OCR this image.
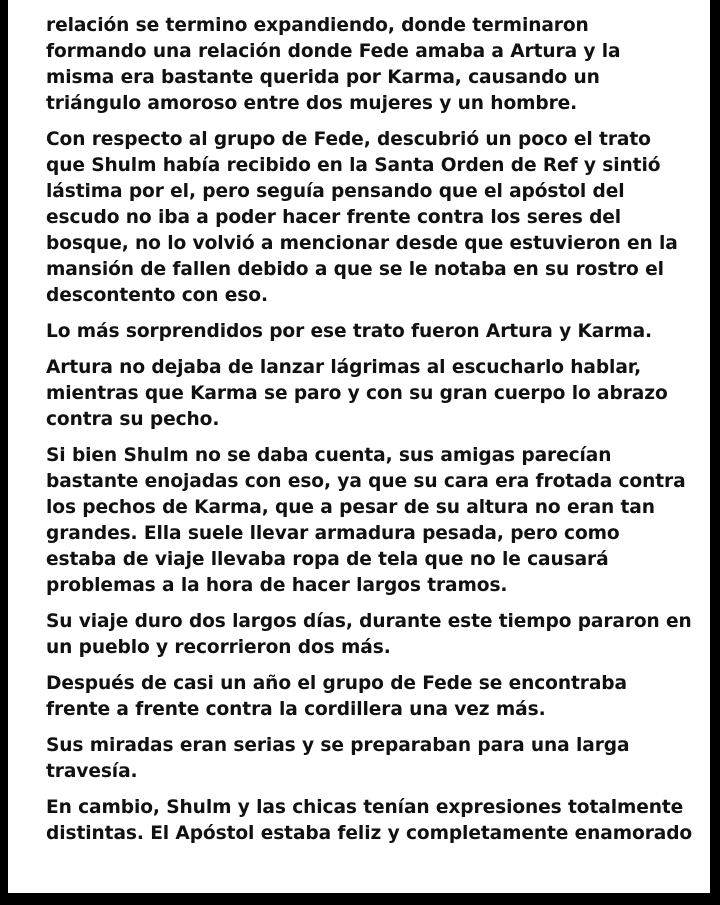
relación se termino expandiendo, donde terminaron
formando una relación donde Fede amaba a Artura y la
misma era bastante querida por Karma, causando un
triángulo amoroso entre dos mujeres y un hombre.

Con respecto al grupo de Fede, descubrió un poco el trato
que Shulm había recibido en la Santa Orden de Ref y sintió
lástima por el, pero seguía pensando que el apóstol del
escudo no iba a poder hacer frente contra los seres del
bosque, no lo volvió a mencionar desde que estuvieron en la
mansión de fallen debido a que se le notaba en su rostro el
descontento con eso.

Lo más sorprendidos por ese trato fueron Artura y Karma.

Artura no dejaba de lanzar lágrimas al escucharlo hablar,
mientras que Karma se paro y con su gran cuerpo lo abrazo
contra su pecho.

Si bien Shulm no se daba cuenta, sus amigas parecían
bastante enojadas con eso, ya que su cara era frotada contra
los pechos de Karma, que a pesar de su altura no eran tan
grandes. Ella suele llevar armadura pesada, pero como
estaba de viaje llevaba ropa de tela que no le causará
problemas a la hora de hacer largos tramos.

Su viaje duro dos largos días, durante este tiempo pararon en
un pueblo y recorrieron dos más.

Después de casi un año el grupo de Fede se encontraba
frente a frente contra la cordillera una vez más.

Sus miradas eran serias y se preparaban para una larga
travesía.

En cambio, Shulm y las chicas tenían expresiones totalmente
distintas. El Apóstol estaba feliz y completamente enamorado
